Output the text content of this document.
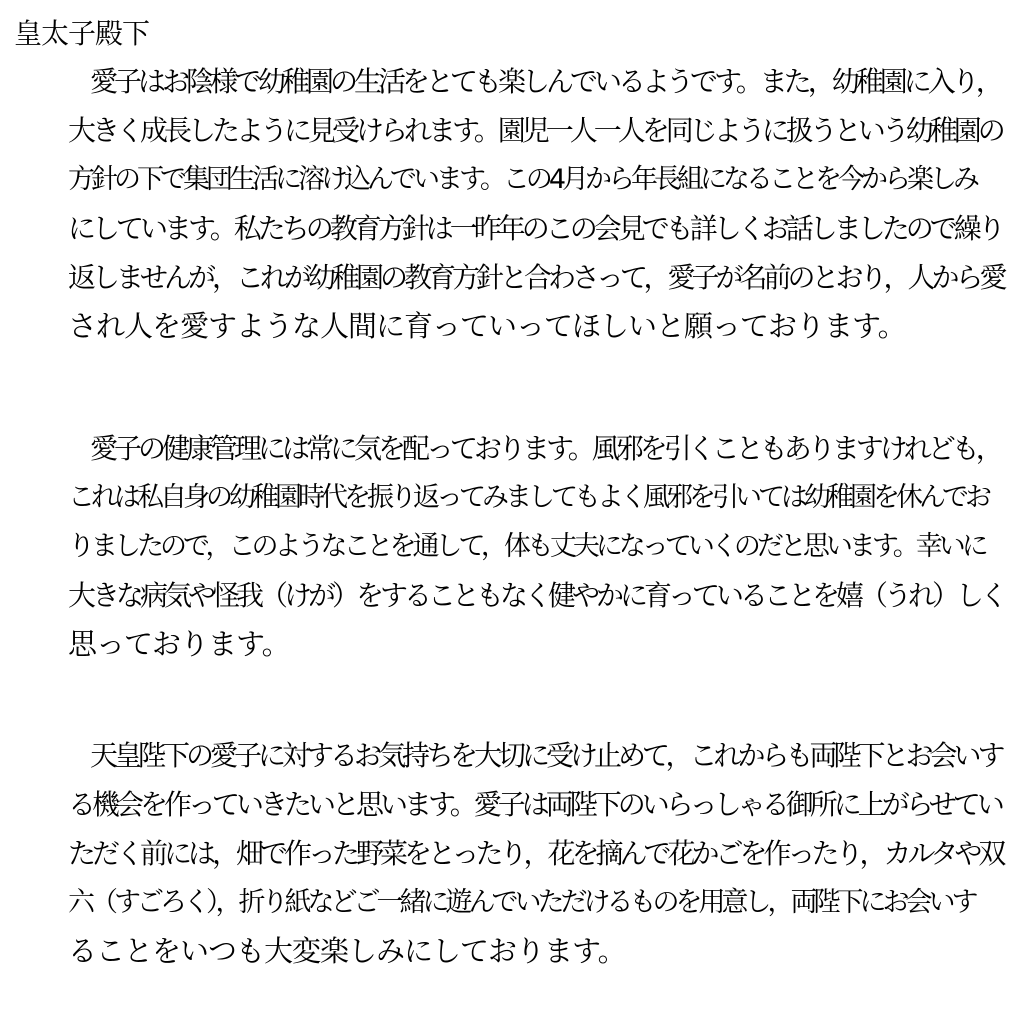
皇太子殿下
愛子はお陰様で幼稚園の生活をとても楽しんでいるようです。また，幼稚園に入り，
大きく成長したように見受けられます。園児一人一人を同じように扱うという幼稚園の
方針の下で集団生活に溶け込んでいます。この4月から年長組になることを今から楽しみ
にしています。私たちの教育方針は一昨年のこの会見でも詳しくお話しましたので繰り
返しませんが，これが幼稚園の教育方針と合わさって，愛子が名前のとおり，人から愛
され人を愛すような人間に育っていってほしいと願っております。
愛子の健康管理には常に気を配っております。風邪を引くこともありますけれども，
これは私自身の幼稚園時代を振り返ってみましてもよく風邪を引いては幼稚園を休んでお
りましたので，このようなことを通して，体も丈夫になっていくのだと思います。幸いに
大きな病気や怪我（けが）をすることもなく健やかに育っていることを嬉（うれ）しく
思っております。
天皇陛下の愛子に対するお気持ちを大切に受け止めて，これからも両陛下とお会いす
る機会を作っていきたいと思います。愛子は両陛下のいらっしゃる御所に上がらせてい
ただく前には，畑で作った野菜をとったり，花を摘んで花かごを作ったり，カルタや双
六（すごろく），折り紙などご一緒に遊んでいただけるものを用意し，両陛下にお会いす
ることをいつも大変楽しみにしております。
